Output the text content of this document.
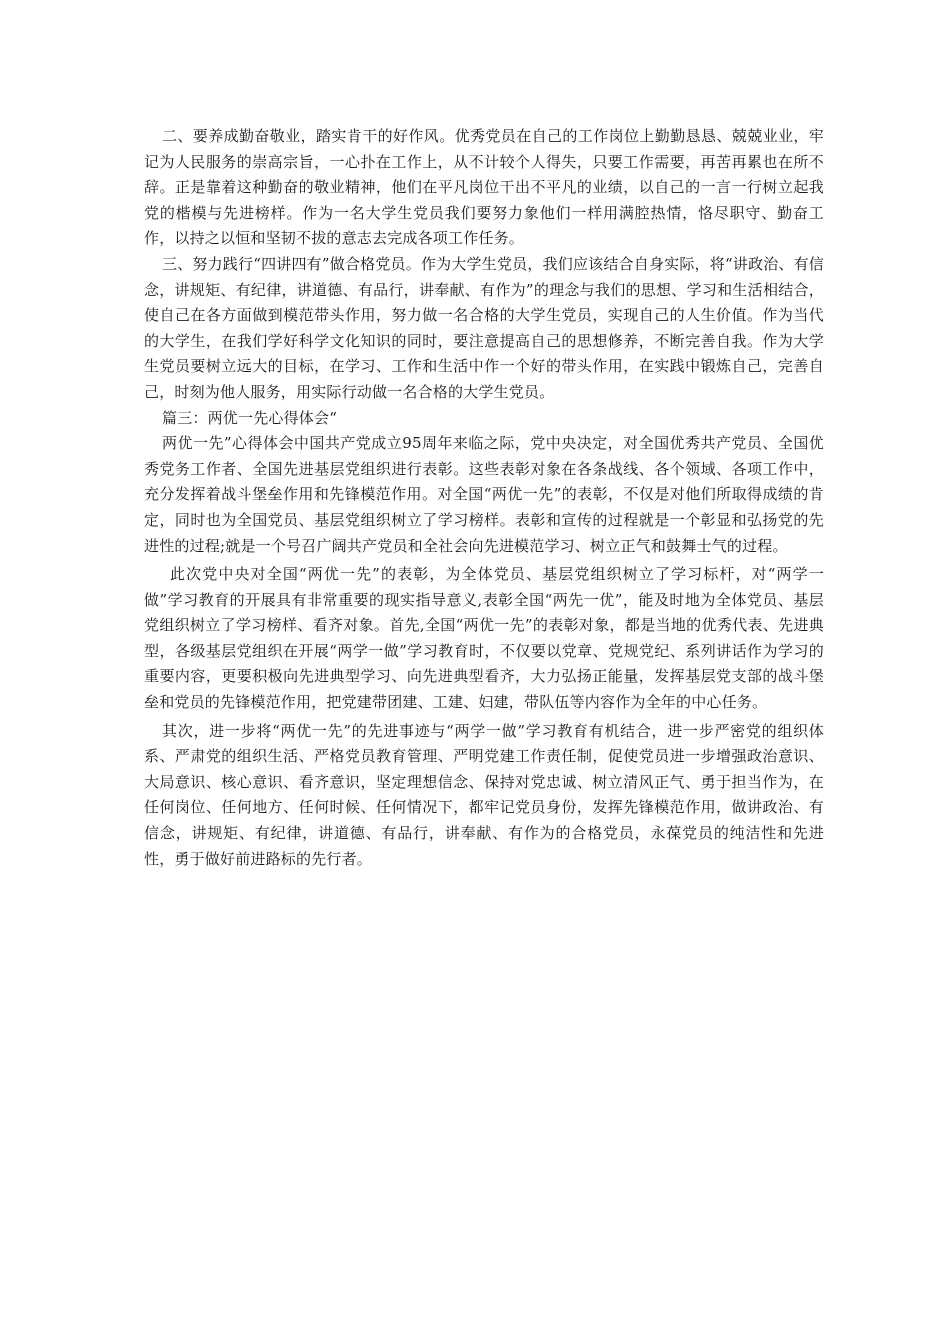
二、要养成勤奋敬业，踏实肯干的好作风。优秀党员在自己的工作岗位上勤勤恳恳、兢兢业业，牢记为人民服务的崇高宗旨，一心扑在工作上，从不计较个人得失，只要工作需要，再苦再累也在所不辞。正是靠着这种勤奋的敬业精神，他们在平凡岗位干出不平凡的业绩，以自己的一言一行树立起我党的楷模与先进榜样。作为一名大学生党员我们要努力象他们一样用满腔热情，恪尽职守、勤奋工作，以持之以恒和坚韧不拔的意志去完成各项工作任务。

三、努力践行“四讲四有”做合格党员。作为大学生党员，我们应该结合自身实际，将“讲政治、有信念，讲规矩、有纪律，讲道德、有品行，讲奉献、有作为”的理念与我们的思想、学习和生活相结合，使自己在各方面做到模范带头作用，努力做一名合格的大学生党员，实现自己的人生价值。作为当代的大学生，在我们学好科学文化知识的同时，要注意提高自己的思想修养，不断完善自我。作为大学生党员要树立远大的目标，在学习、工作和生活中作一个好的带头作用，在实践中锻炼自己，完善自己，时刻为他人服务，用实际行动做一名合格的大学生党员。

篇三：两优一先心得体会“

两优一先”心得体会中国共产党成立95周年来临之际，党中央决定，对全国优秀共产党员、全国优秀党务工作者、全国先进基层党组织进行表彰。这些表彰对象在各条战线、各个领域、各项工作中，充分发挥着战斗堡垒作用和先锋模范作用。对全国“两优一先”的表彰，不仅是对他们所取得成绩的肯定，同时也为全国党员、基层党组织树立了学习榜样。表彰和宣传的过程就是一个彰显和弘扬党的先进性的过程;就是一个号召广阔共产党员和全社会向先进模范学习、树立正气和鼓舞士气的过程。

此次党中央对全国“两优一先”的表彰，为全体党员、基层党组织树立了学习标杆，对“两学一做”学习教育的开展具有非常重要的现实指导意义,表彰全国“两先一优”，能及时地为全体党员、基层党组织树立了学习榜样、看齐对象。首先,全国“两优一先”的表彰对象，都是当地的优秀代表、先进典型，各级基层党组织在开展“两学一做”学习教育时，不仅要以党章、党规党纪、系列讲话作为学习的重要内容，更要积极向先进典型学习、向先进典型看齐，大力弘扬正能量，发挥基层党支部的战斗堡垒和党员的先锋模范作用，把党建带团建、工建、妇建，带队伍等内容作为全年的中心任务。

其次，进一步将“两优一先”的先进事迹与“两学一做”学习教育有机结合，进一步严密党的组织体系、严肃党的组织生活、严格党员教育管理、严明党建工作责任制，促使党员进一步增强政治意识、大局意识、核心意识、看齐意识，坚定理想信念、保持对党忠诚、树立清风正气、勇于担当作为，在任何岗位、任何地方、任何时候、任何情况下，都牢记党员身份，发挥先锋模范作用，做讲政治、有信念，讲规矩、有纪律，讲道德、有品行，讲奉献、有作为的合格党员，永葆党员的纯洁性和先进性，勇于做好前进路标的先行者。
